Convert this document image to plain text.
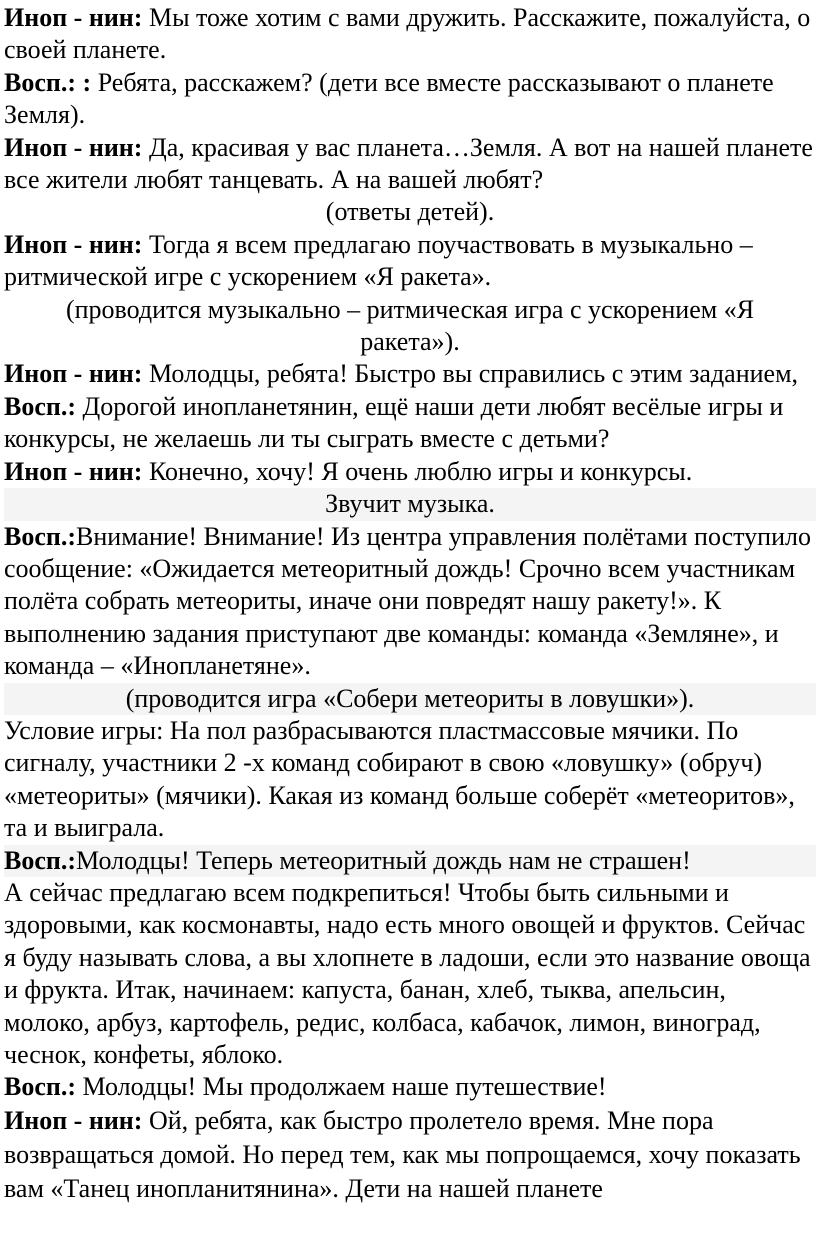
Иноп - нин: Мы тоже хотим с вами дружить. Расскажите, пожалуйста, о своей планете.

Восп.: : Ребята, расскажем? (дети все вместе рассказывают о планете Земля).

Иноп - нин: Да, красивая у вас планета…Земля. А вот на нашей планете все жители любят танцевать. А на вашей любят?

(ответы детей).

Иноп - нин: Тогда я всем предлагаю поучаствовать в музыкально – ритмической игре с ускорением «Я ракета».

(проводится музыкально – ритмическая игра с ускорением «Я ракета»).

Иноп - нин: Молодцы, ребята! Быстро вы справились с этим заданием,

Восп.: Дорогой инопланетянин, ещё наши дети любят весёлые игры и конкурсы, не желаешь ли ты сыграть вместе с детьми?

Иноп - нин: Конечно, хочу! Я очень люблю игры и конкурсы.

Звучит музыка.

Восп.:Внимание! Внимание! Из центра управления полётами поступило сообщение: «Ожидается метеоритный дождь! Срочно всем участникам полёта собрать метеориты, иначе они повредят нашу ракету!». К выполнению задания приступают две команды: команда «Земляне», и команда – «Инопланетяне».

(проводится игра «Собери метеориты в ловушки»).

Условие игры: На пол разбрасываются пластмассовые мячики. По сигналу, участники 2 -х команд собирают в свою «ловушку» (обруч) «метеориты» (мячики). Какая из команд больше соберёт «метеоритов», та и выиграла.

Восп.:Молодцы! Теперь метеоритный дождь нам не страшен!

А сейчас предлагаю всем подкрепиться! Чтобы быть сильными и здоровыми, как космонавты, надо есть много овощей и фруктов. Сейчас я буду называть слова, а вы хлопнете в ладоши, если это название овоща и фрукта. Итак, начинаем: капуста, банан, хлеб, тыква, апельсин, молоко, арбуз, картофель, редис, колбаса, кабачок, лимон, виноград, чеснок, конфеты, яблоко.

Восп.: Молодцы! Мы продолжаем наше путешествие!

Иноп - нин: Ой, ребята, как быстро пролетело время. Мне пора возвращаться домой. Но перед тем, как мы попрощаемся, хочу показать вам «Танец инопланитянина». Дети на нашей планете
